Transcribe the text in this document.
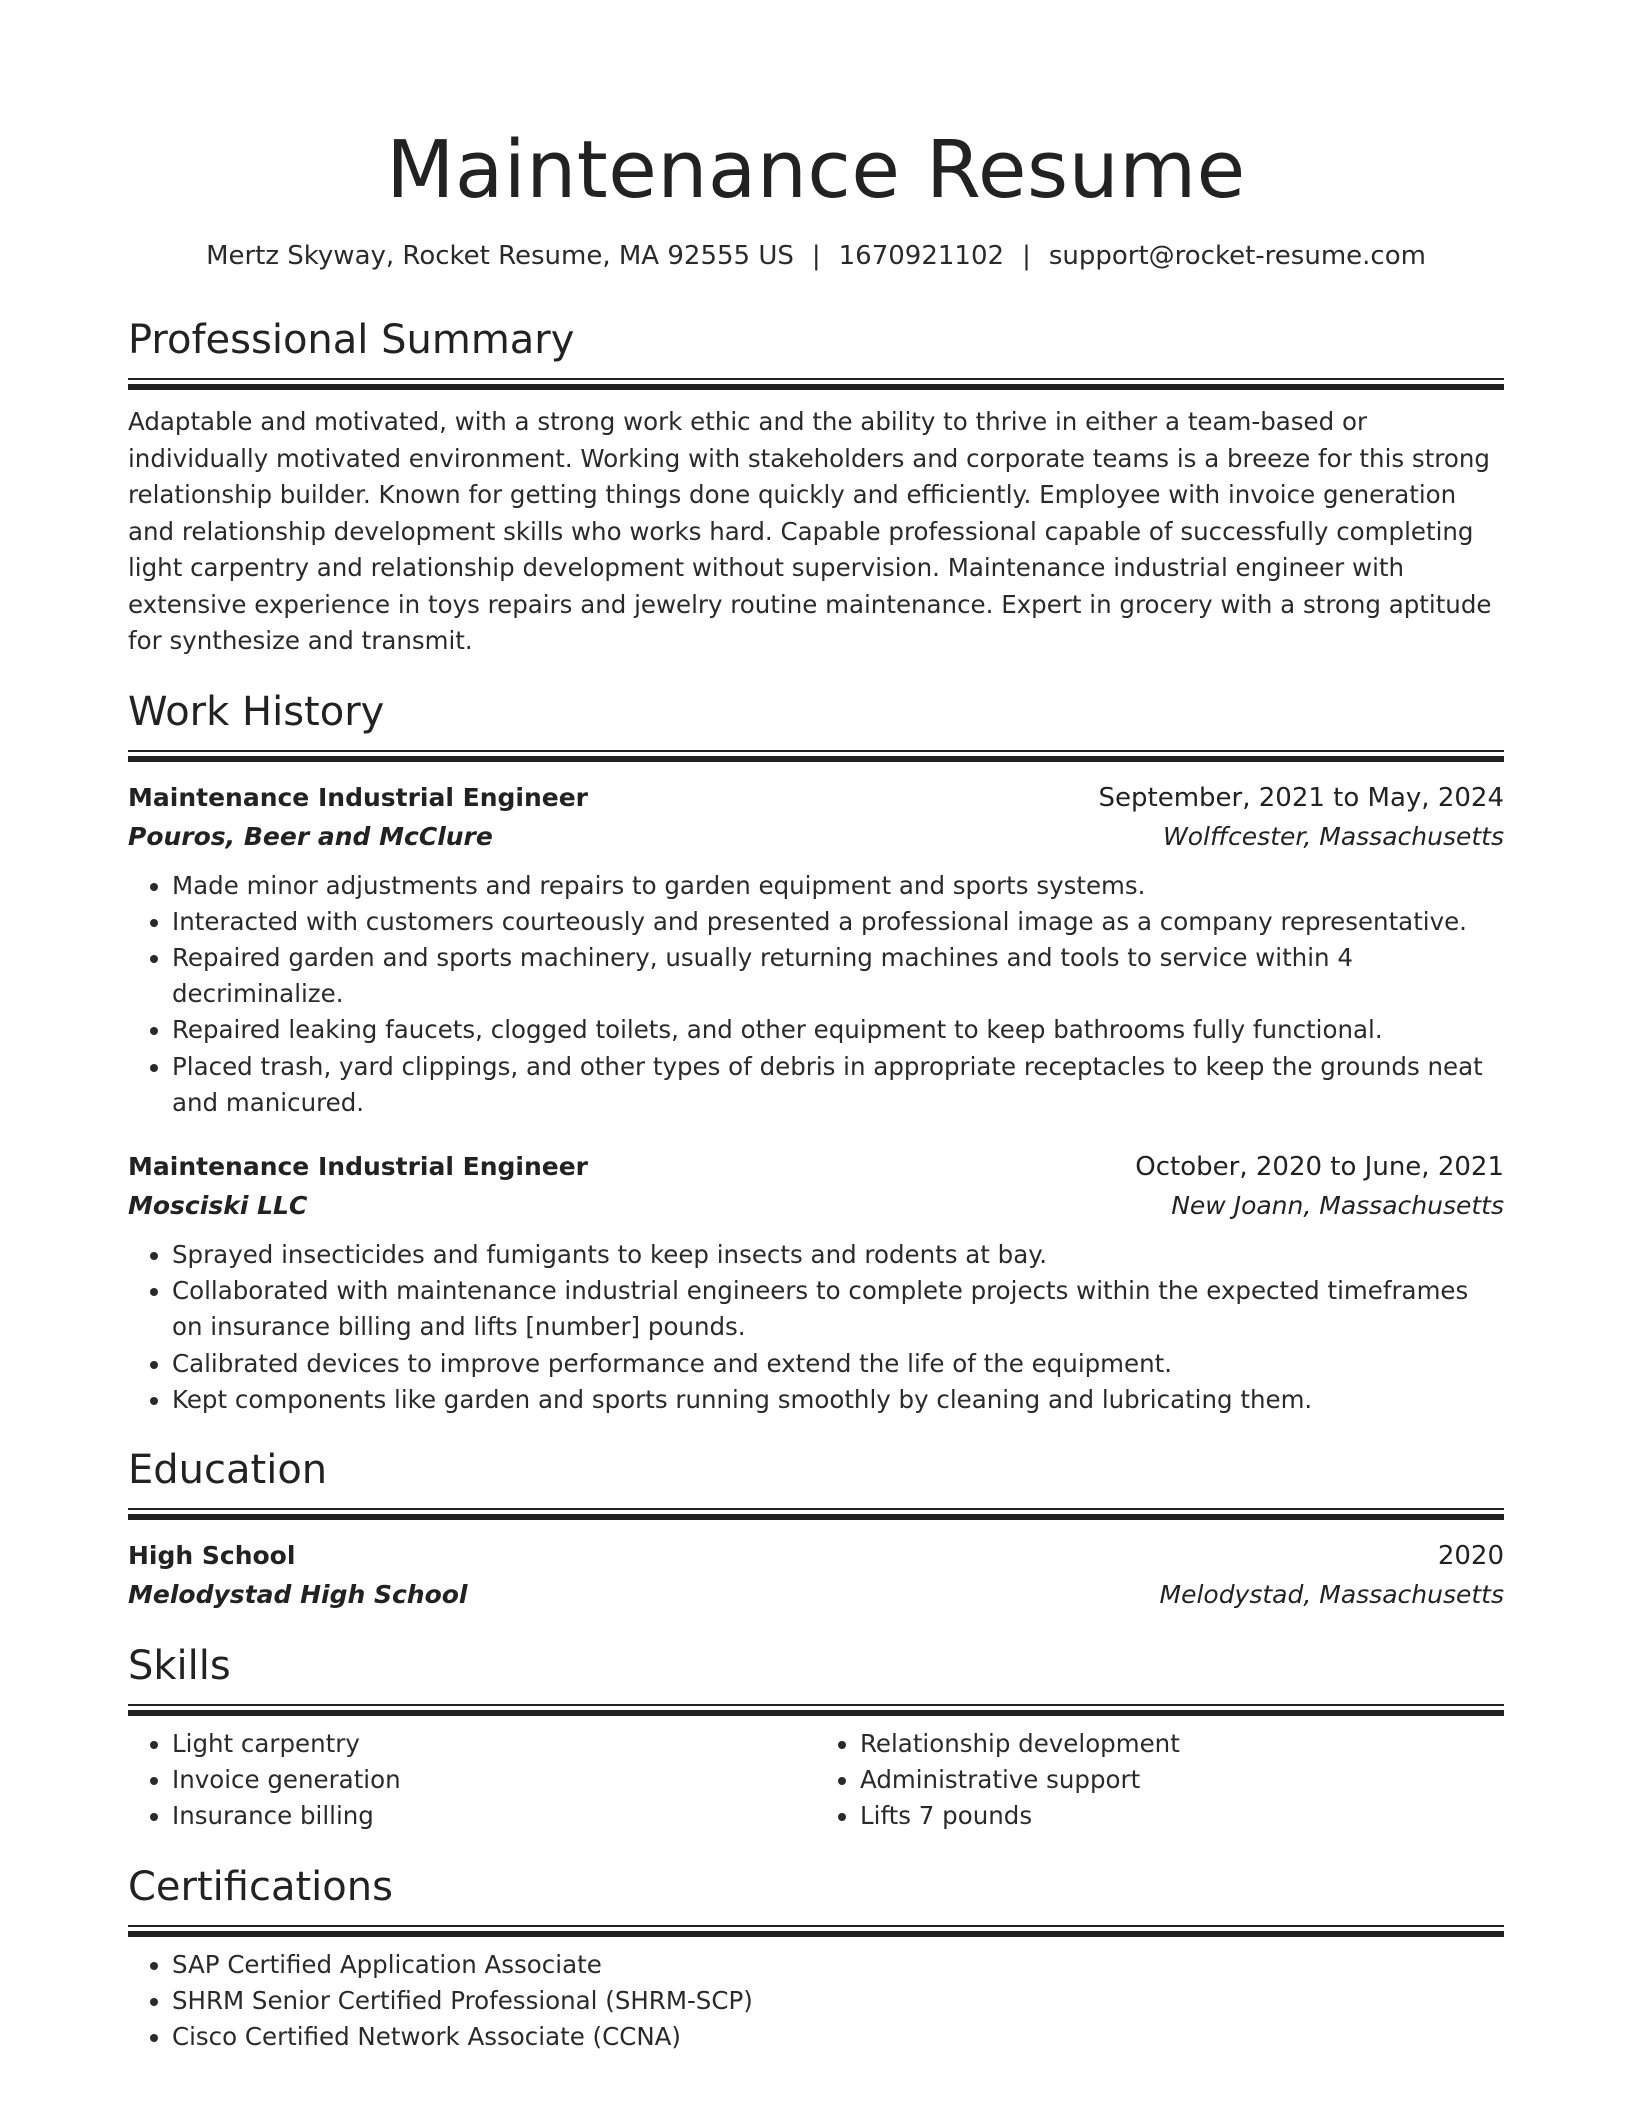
Maintenance Resume
Mertz Skyway, Rocket Resume, MA 92555 US | 1670921102 | support@rocket-resume.com
Professional Summary
Adaptable and motivated, with a strong work ethic and the ability to thrive in either a team-based or individually motivated environment. Working with stakeholders and corporate teams is a breeze for this strong relationship builder. Known for getting things done quickly and efficiently. Employee with invoice generation and relationship development skills who works hard. Capable professional capable of successfully completing light carpentry and relationship development without supervision. Maintenance industrial engineer with extensive experience in toys repairs and jewelry routine maintenance. Expert in grocery with a strong aptitude for synthesize and transmit.
Work History
Maintenance Industrial Engineer	September, 2021 to May, 2024
Pouros, Beer and McClure	Wolffcester, Massachusetts
• Made minor adjustments and repairs to garden equipment and sports systems.
• Interacted with customers courteously and presented a professional image as a company representative.
• Repaired garden and sports machinery, usually returning machines and tools to service within 4 decriminalize.
• Repaired leaking faucets, clogged toilets, and other equipment to keep bathrooms fully functional.
• Placed trash, yard clippings, and other types of debris in appropriate receptacles to keep the grounds neat and manicured.
Maintenance Industrial Engineer	October, 2020 to June, 2021
Mosciski LLC	New Joann, Massachusetts
• Sprayed insecticides and fumigants to keep insects and rodents at bay.
• Collaborated with maintenance industrial engineers to complete projects within the expected timeframes on insurance billing and lifts [number] pounds.
• Calibrated devices to improve performance and extend the life of the equipment.
• Kept components like garden and sports running smoothly by cleaning and lubricating them.
Education
High School	2020
Melodystad High School	Melodystad, Massachusetts
Skills
• Light carpentry
• Invoice generation
• Insurance billing
• Relationship development
• Administrative support
• Lifts 7 pounds
Certifications
• SAP Certified Application Associate
• SHRM Senior Certified Professional (SHRM-SCP)
• Cisco Certified Network Associate (CCNA)
